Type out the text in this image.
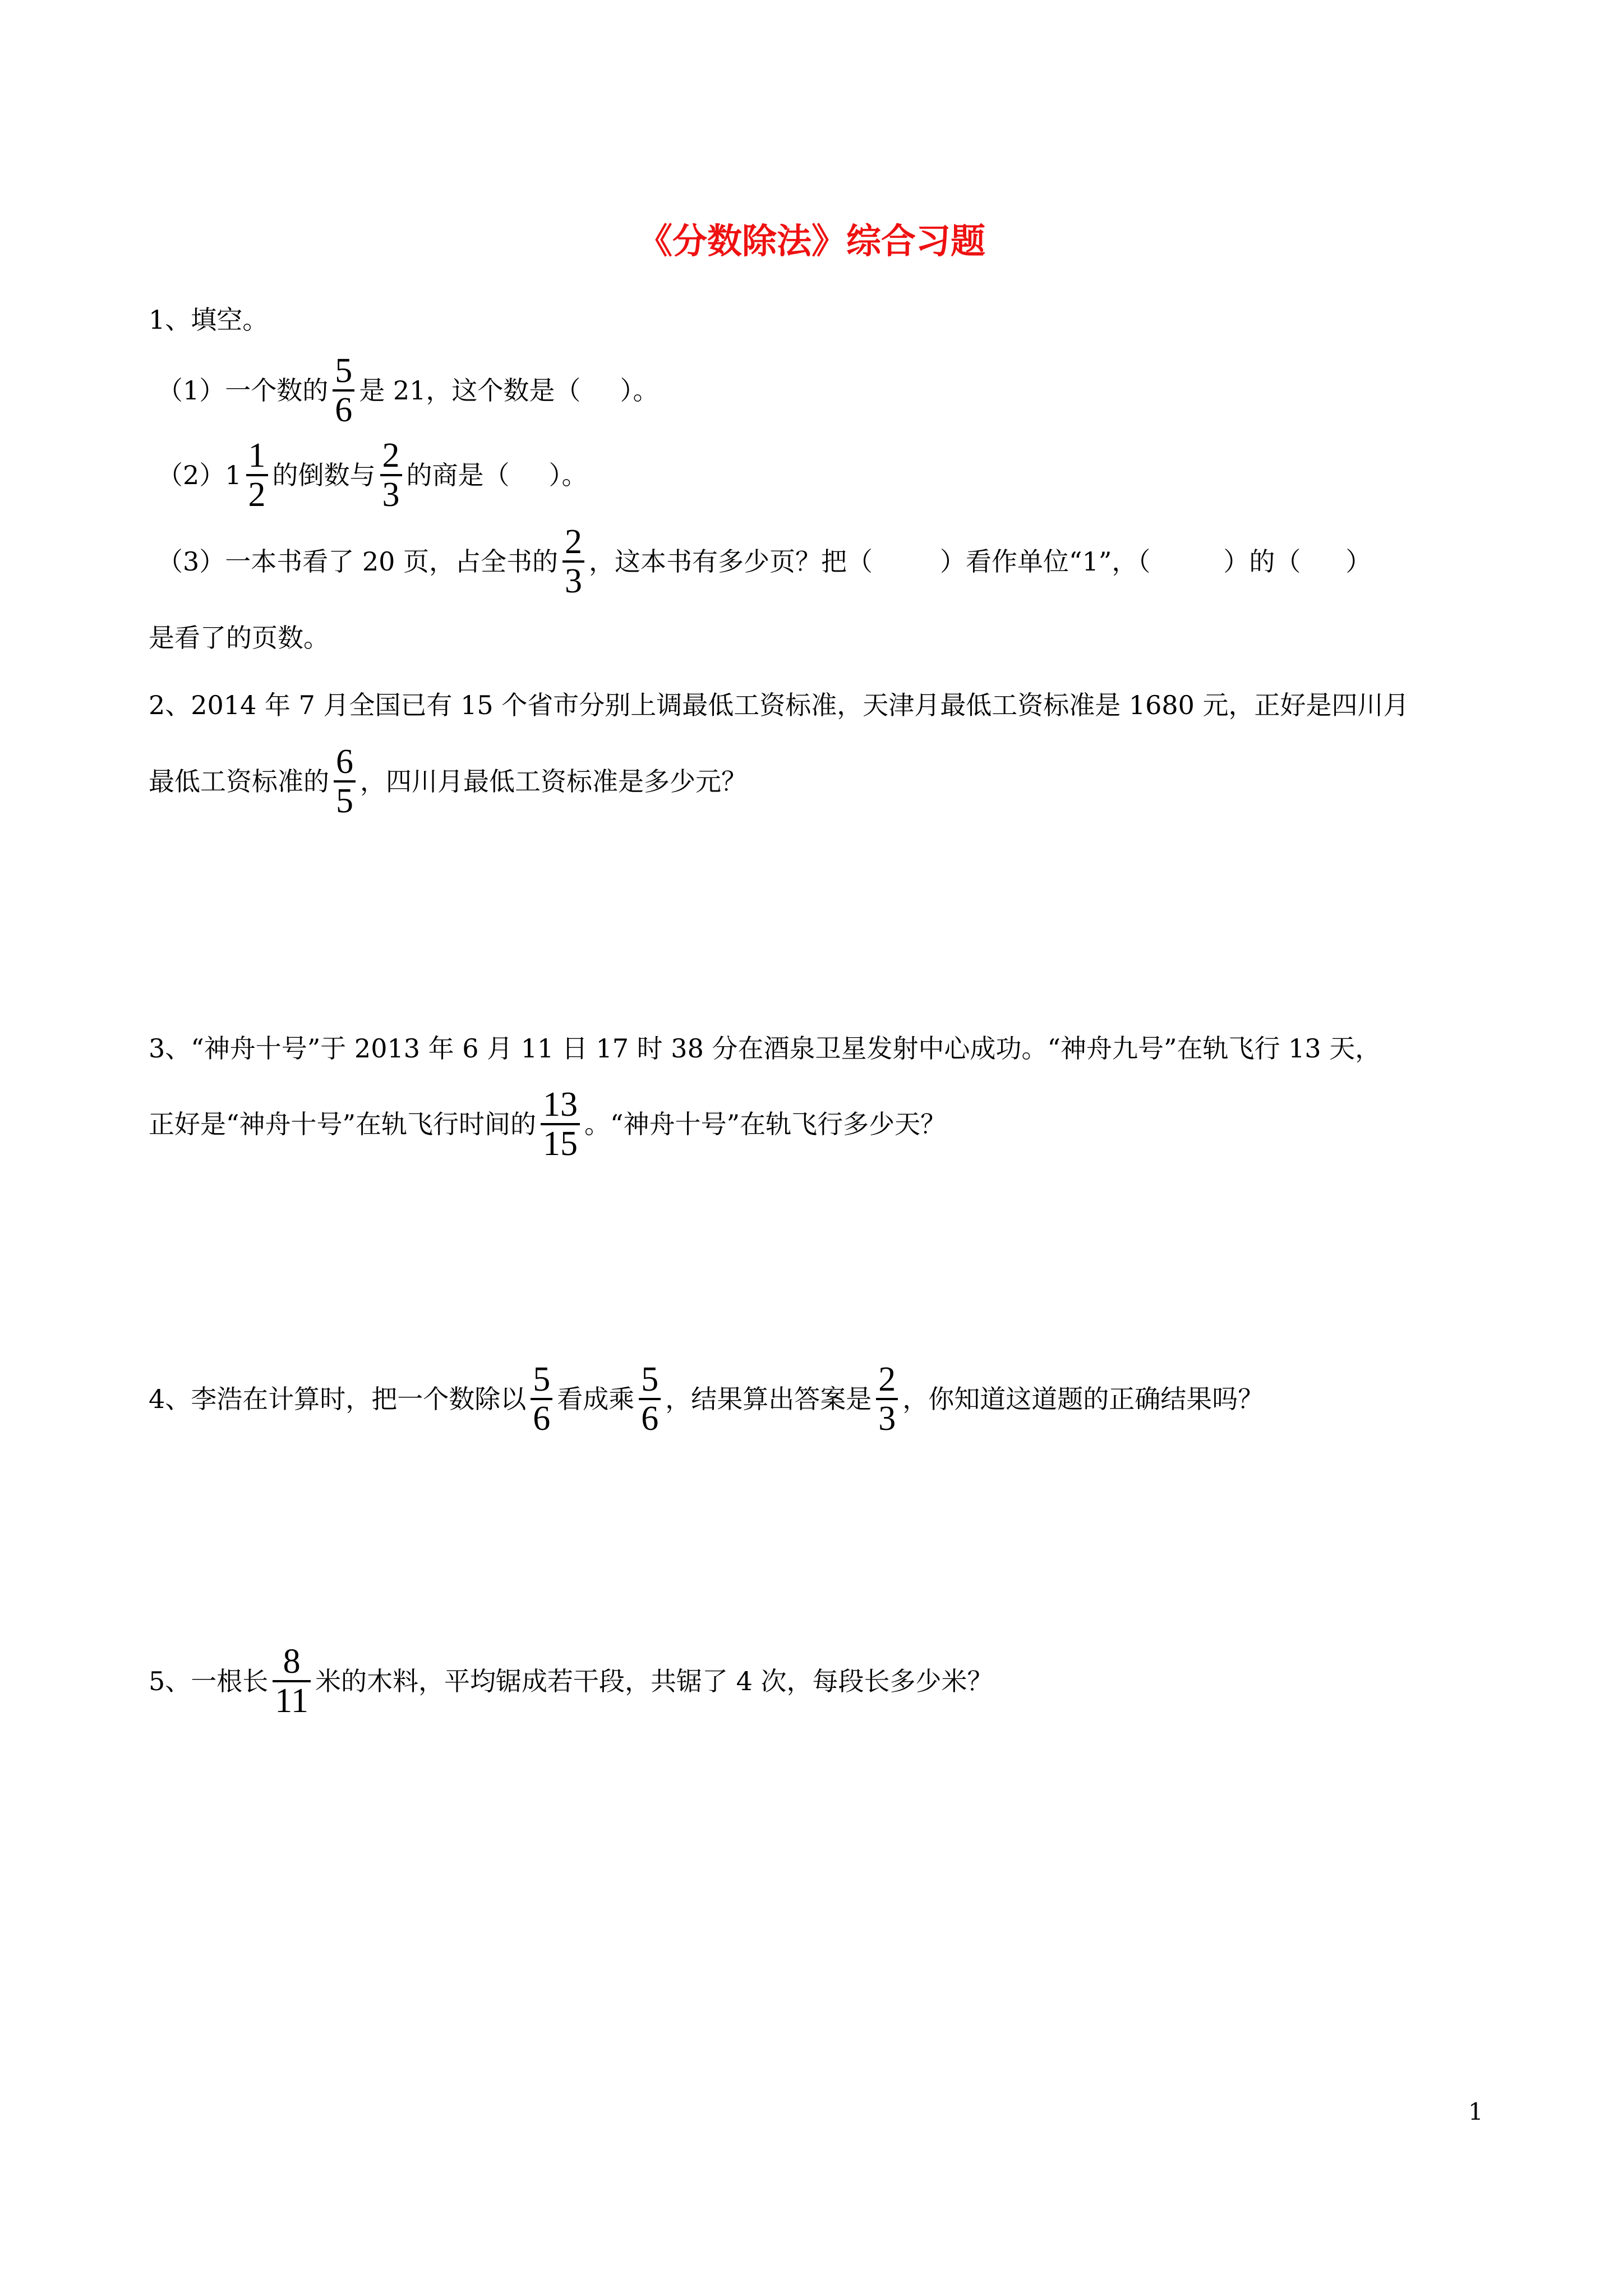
《分数除法》综合习题
1、填空。
（1）一个数的 $\frac{5}{6}$ 是 21，这个数是（ ）。
$(2)1 \frac{1}{2}$ 的倒数与 $\frac{2}{3}$ 的商是（ ）。
（3）一本书看了 20 页，占全书的 $\frac{2}{3}$ ，这本书有多少页？把（	）看作单位“1”，（	）的（ ）
是看了的页数。
2、2014 年 7 月全国已有 15 个省市分别上调最低工资标准，天津月最低工资标准是 1680 元，正好是四川月
最低工资标准的 $\frac{6}{5}$ ，四川月最低工资标准是多少元？
3、“神舟十号”于 2013 年 6 月 11 日 17 时 38 分在酒泉卫星发射中心成功。“神舟九号”在轨飞行 13 天，
正好是“神舟十号”在轨飞行时间的 $\frac{13}{15}$ 。“神舟十号”在轨飞行多少天？
4、李浩在计算时，把一个数除以 $\frac{5}{6}$ 看成乘 $\frac{5}{6}$ ，结果算出答案是 $\frac{2}{3}$ ，你知道这道题的正确结果吗？
5、一根长 $\frac{8}{11}$ 米的木料，平均锯成若干段，共锯了 4 次，每段长多少米？
1
